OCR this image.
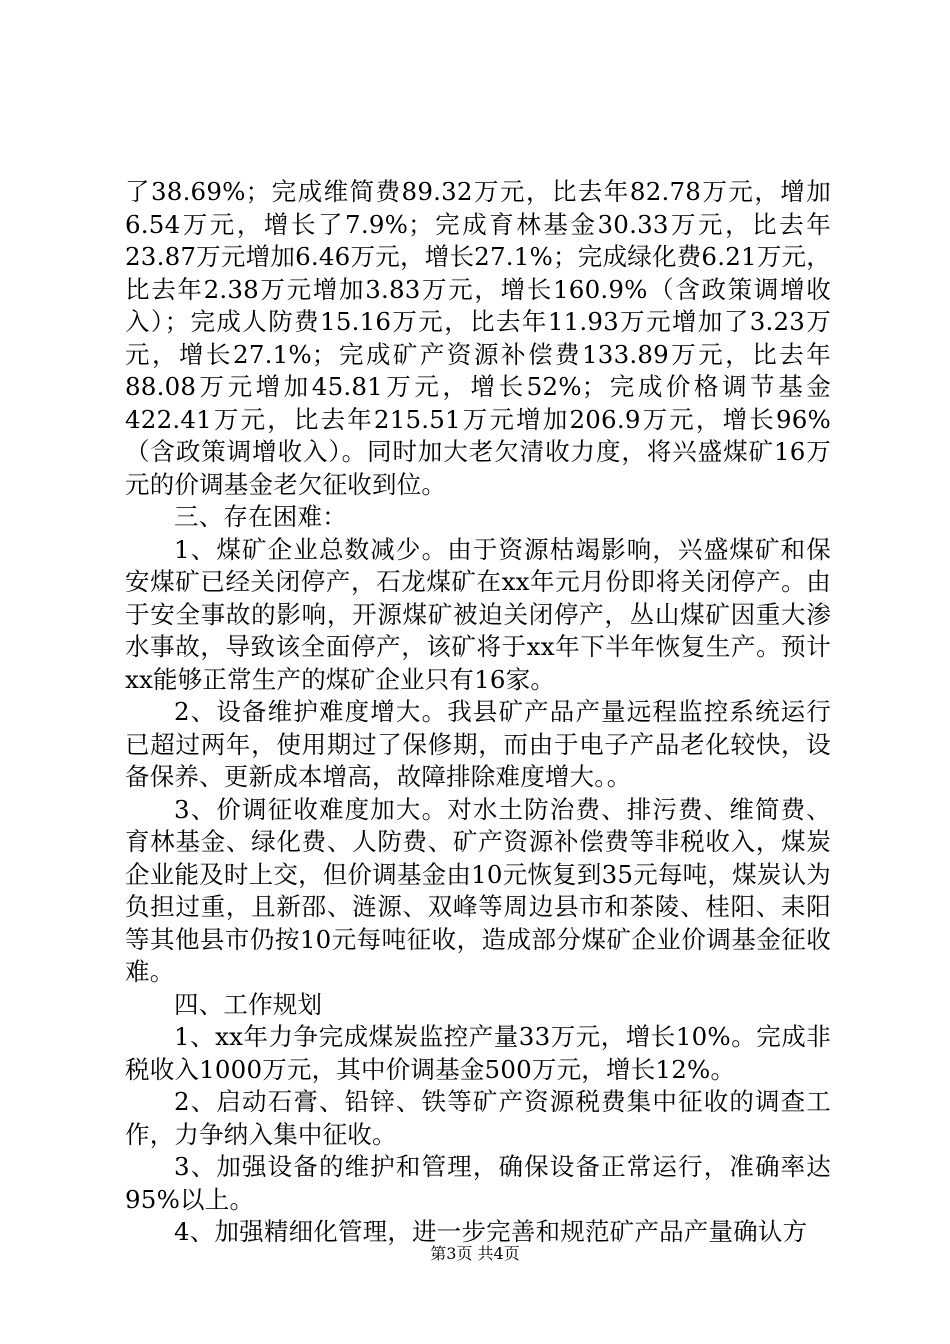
了38.69%；完成维简费89.32万元，比去年82.78万元，增加6.54万元，增长了7.9%；完成育林基金30.33万元，比去年23.87万元增加6.46万元，增长27.1%；完成绿化费6.21万元，比去年2.38万元增加3.83万元，增长160.9%（含政策调增收入）；完成人防费15.16万元，比去年11.93万元增加了3.23万元，增长27.1%；完成矿产资源补偿费133.89万元，比去年88.08万元增加45.81万元，增长52%；完成价格调节基金422.41万元，比去年215.51万元增加206.9万元，增长96%（含政策调增收入）。同时加大老欠清收力度，将兴盛煤矿16万元的价调基金老欠征收到位。

三、存在困难：

1、煤矿企业总数减少。由于资源枯竭影响，兴盛煤矿和保安煤矿已经关闭停产，石龙煤矿在xx年元月份即将关闭停产。由于安全事故的影响，开源煤矿被迫关闭停产，丛山煤矿因重大渗水事故，导致该全面停产，该矿将于xx年下半年恢复生产。预计xx能够正常生产的煤矿企业只有16家。

2、设备维护难度增大。我县矿产品产量远程监控系统运行已超过两年，使用期过了保修期，而由于电子产品老化较快，设备保养、更新成本增高，故障排除难度增大。。

3、价调征收难度加大。对水土防治费、排污费、维简费、育林基金、绿化费、人防费、矿产资源补偿费等非税收入，煤炭企业能及时上交，但价调基金由10元恢复到35元每吨，煤炭认为负担过重，且新邵、涟源、双峰等周边县市和茶陵、桂阳、耒阳等其他县市仍按10元每吨征收，造成部分煤矿企业价调基金征收难。

四、工作规划

1、xx年力争完成煤炭监控产量33万元，增长10%。完成非税收入1000万元，其中价调基金500万元，增长12%。

2、启动石膏、铅锌、铁等矿产资源税费集中征收的调查工作，力争纳入集中征收。

3、加强设备的维护和管理，确保设备正常运行，准确率达95%以上。

4、加强精细化管理，进一步完善和规范矿产品产量确认方

第3页 共4页
